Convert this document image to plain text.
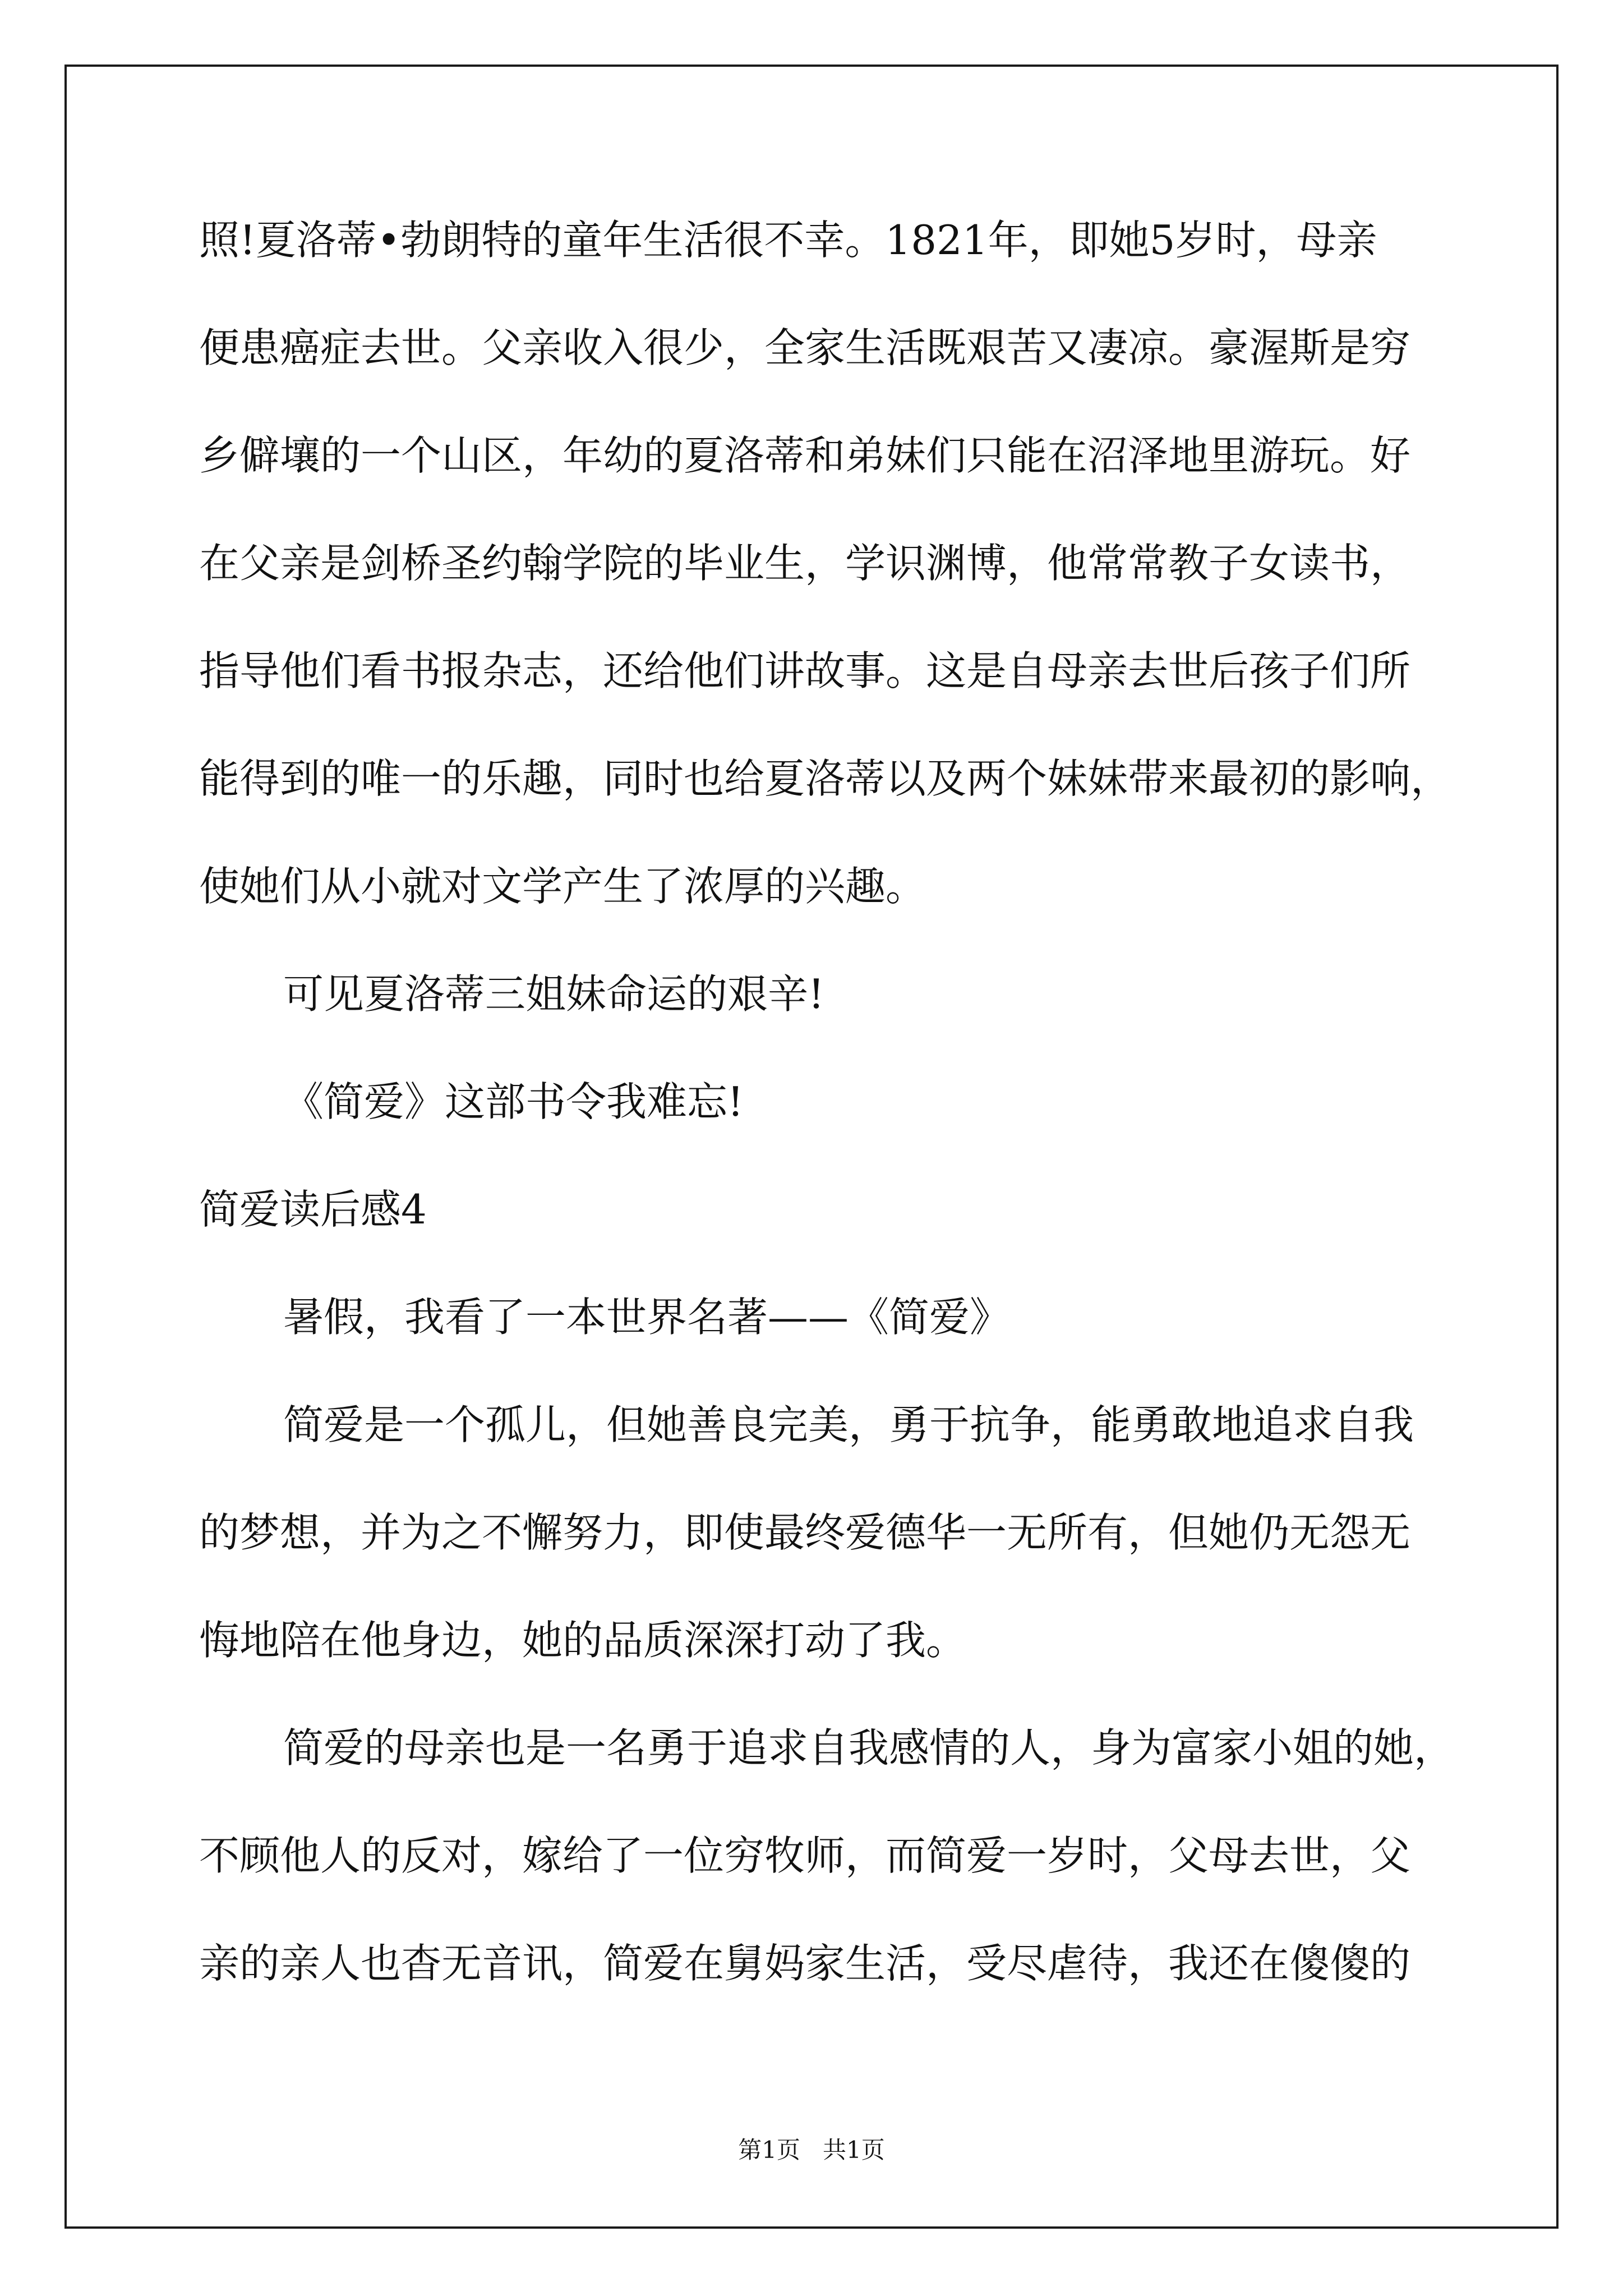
照!夏洛蒂•勃朗特的童年生活很不幸。1821年，即她5岁时，母亲
便患癌症去世。父亲收入很少，全家生活既艰苦又凄凉。豪渥斯是穷
乡僻壤的一个山区，年幼的夏洛蒂和弟妹们只能在沼泽地里游玩。好
在父亲是剑桥圣约翰学院的毕业生，学识渊博，他常常教子女读书，
指导他们看书报杂志，还给他们讲故事。这是自母亲去世后孩子们所
能得到的唯一的乐趣，同时也给夏洛蒂以及两个妹妹带来最初的影响，
使她们从小就对文学产生了浓厚的兴趣。
可见夏洛蒂三姐妹命运的艰辛!
《简爱》这部书令我难忘!
简爱读后感4
暑假，我看了一本世界名著——《简爱》
简爱是一个孤儿，但她善良完美，勇于抗争，能勇敢地追求自我
的梦想，并为之不懈努力，即使最终爱德华一无所有，但她仍无怨无
悔地陪在他身边，她的品质深深打动了我。
简爱的母亲也是一名勇于追求自我感情的人，身为富家小姐的她，
不顾他人的反对，嫁给了一位穷牧师，而简爱一岁时，父母去世，父
亲的亲人也杳无音讯，简爱在舅妈家生活，受尽虐待，我还在傻傻的
第1页 共1页
